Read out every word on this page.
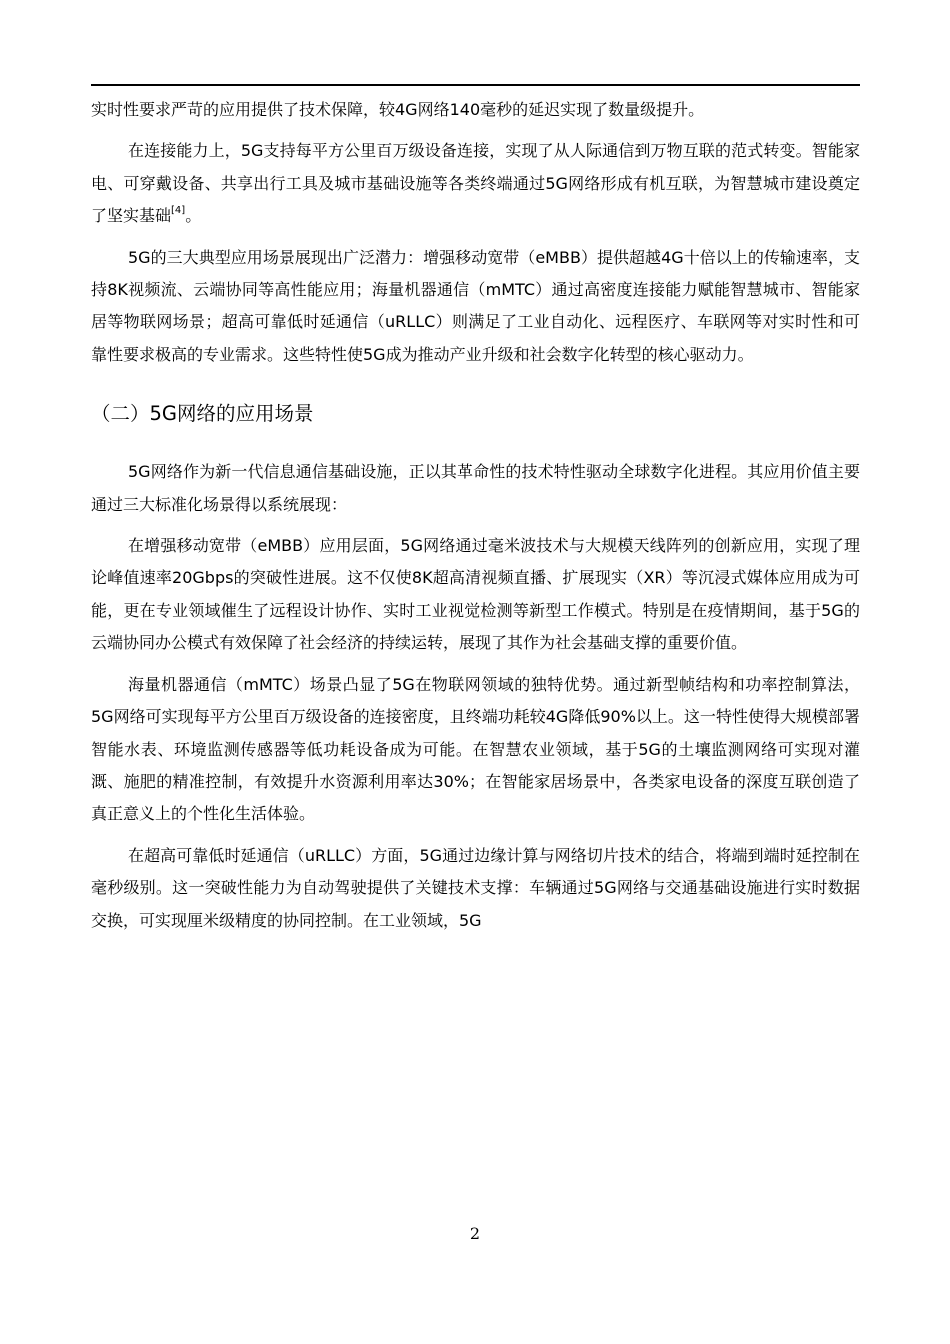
实时性要求严苛的应用提供了技术保障，较4G网络140毫秒的延迟实现了数量级提升。

在连接能力上，5G支持每平方公里百万级设备连接，实现了从人际通信到万物互联的范式转变。智能家电、可穿戴设备、共享出行工具及城市基础设施等各类终端通过5G网络形成有机互联，为智慧城市建设奠定了坚实基础[4]。

5G的三大典型应用场景展现出广泛潜力：增强移动宽带（eMBB）提供超越4G十倍以上的传输速率，支持8K视频流、云端协同等高性能应用；海量机器通信（mMTC）通过高密度连接能力赋能智慧城市、智能家居等物联网场景；超高可靠低时延通信（uRLLC）则满足了工业自动化、远程医疗、车联网等对实时性和可靠性要求极高的专业需求。这些特性使5G成为推动产业升级和社会数字化转型的核心驱动力。

（二）5G网络的应用场景

5G网络作为新一代信息通信基础设施，正以其革命性的技术特性驱动全球数字化进程。其应用价值主要通过三大标准化场景得以系统展现：

在增强移动宽带（eMBB）应用层面，5G网络通过毫米波技术与大规模天线阵列的创新应用，实现了理论峰值速率20Gbps的突破性进展。这不仅使8K超高清视频直播、扩展现实（XR）等沉浸式媒体应用成为可能，更在专业领域催生了远程设计协作、实时工业视觉检测等新型工作模式。特别是在疫情期间，基于5G的云端协同办公模式有效保障了社会经济的持续运转，展现了其作为社会基础支撑的重要价值。

海量机器通信（mMTC）场景凸显了5G在物联网领域的独特优势。通过新型帧结构和功率控制算法，5G网络可实现每平方公里百万级设备的连接密度，且终端功耗较4G降低90%以上。这一特性使得大规模部署智能水表、环境监测传感器等低功耗设备成为可能。在智慧农业领域，基于5G的土壤监测网络可实现对灌溉、施肥的精准控制，有效提升水资源利用率达30%；在智能家居场景中，各类家电设备的深度互联创造了真正意义上的个性化生活体验。

在超高可靠低时延通信（uRLLC）方面，5G通过边缘计算与网络切片技术的结合，将端到端时延控制在毫秒级别。这一突破性能力为自动驾驶提供了关键技术支撑：车辆通过5G网络与交通基础设施进行实时数据交换，可实现厘米级精度的协同控制。在工业领域，5G

2
